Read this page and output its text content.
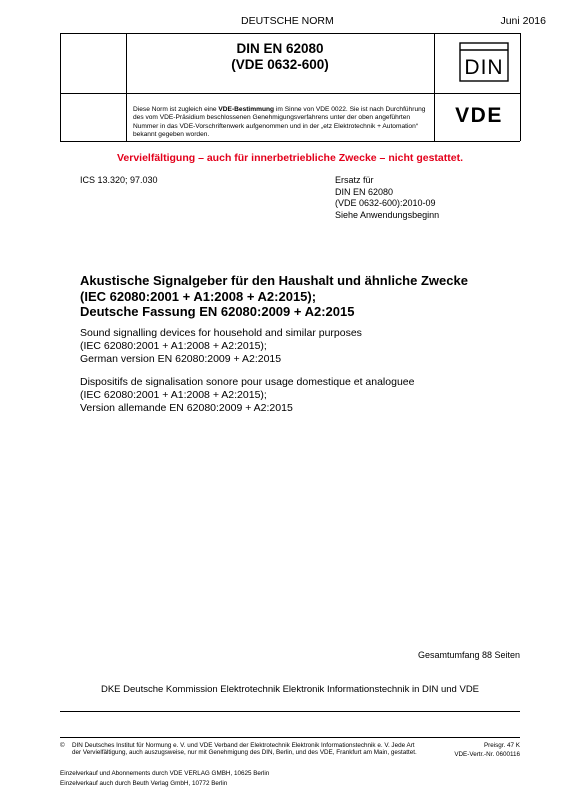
DEUTSCHE NORM	Juni 2016
DIN EN 62080
(VDE 0632-600)	DIN
Diese Norm ist zugleich eine VDE-Bestimmung im Sinne von VDE 0022. Sie ist nach Durchführung des vom VDE-Präsidium beschlossenen Genehmigungsverfahrens unter der oben angeführten Nummer in das VDE-Vorschriftenwerk aufgenommen und in der „etz Elektrotechnik + Automation“ bekannt gegeben worden.
VDE
Vervielfältigung – auch für innerbetriebliche Zwecke – nicht gestattet.
ICS 13.320; 97.030	Ersatz für
DIN EN 62080
(VDE 0632-600):2010-09
Siehe Anwendungsbeginn
Akustische Signalgeber für den Haushalt und ähnliche Zwecke
(IEC 62080:2001 + A1:2008 + A2:2015);
Deutsche Fassung EN 62080:2009 + A2:2015
Sound signalling devices for household and similar purposes
(IEC 62080:2001 + A1:2008 + A2:2015);
German version EN 62080:2009 + A2:2015
Dispositifs de signalisation sonore pour usage domestique et analoguee
(IEC 62080:2001 + A1:2008 + A2:2015);
Version allemande EN 62080:2009 + A2:2015
Gesamtumfang 88 Seiten
DKE Deutsche Kommission Elektrotechnik Elektronik Informationstechnik in DIN und VDE
©	DIN Deutsches Institut für Normung e. V. und VDE Verband der Elektrotechnik Elektronik Informationstechnik e. V. Jede Art der Vervielfältigung, auch auszugsweise, nur mit Genehmigung des DIN, Berlin, und des VDE, Frankfurt am Main, gestattet.
Preisgr. 47 K
VDE-Vertr.-Nr. 0600116
Einzelverkauf und Abonnements durch VDE VERLAG GMBH, 10625 Berlin
Einzelverkauf auch durch Beuth Verlag GmbH, 10772 Berlin
